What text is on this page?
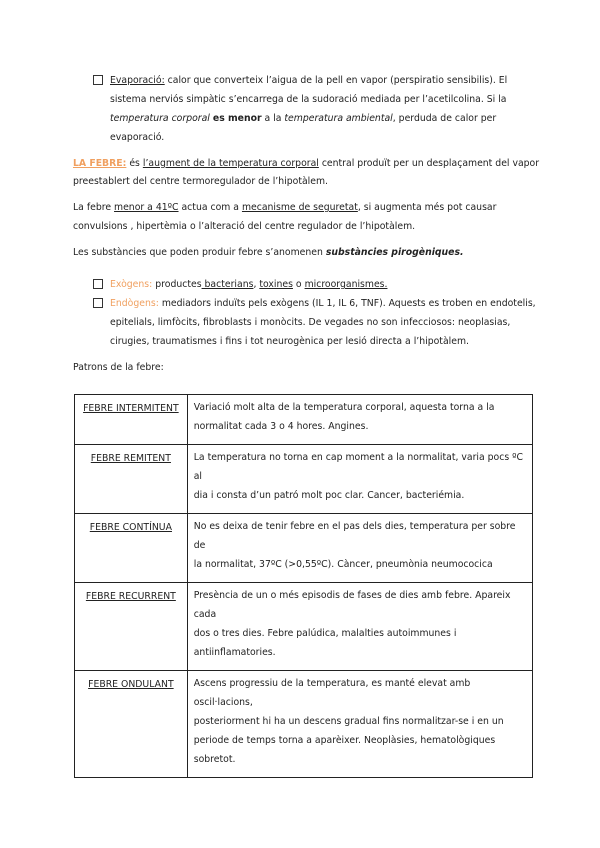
Evaporació: calor que converteix l’aigua de la pell en vapor (perspiratio sensibilis). El

sistema nerviós simpàtic s’encarrega de la sudoració mediada per l’acetilcolina. Si la

temperatura corporal es menor a la temperatura ambiental, perduda de calor per

evaporació.

LA FEBRE: és l’augment de la temperatura corporal central produït per un desplaçament del vapor

preestablert del centre termoregulador de l’hipotàlem.

La febre menor a 41ºC actua com a mecanisme de seguretat, si augmenta més pot causar

convulsions , hipertèmia o l’alteració del centre regulador de l’hipotàlem.

Les substàncies que poden produir febre s’anomenen substàncies pirogèniques.

Exògens: productes bacterians, toxines o microorganismes.

Endògens: mediadors induïts pels exògens (IL 1, IL 6, TNF). Aquests es troben en endotelis,

epitelials, limfòcits, fibroblasts i monòcits. De vegades no son infecciosos: neoplasias,

cirugies, traumatismes i fins i tot neurogènica per lesió directa a l’hipotàlem.

Patrons de la febre:

FEBRE INTERMITENT	Variació molt alta de la temperatura corporal, aquesta torna a la
normalitat cada 3 o 4 hores. Angines.

FEBRE REMITENT	La temperatura no torna en cap moment a la normalitat, varia pocs ºC al
dia i consta d’un patró molt poc clar. Cancer, bacteriémia.

FEBRE CONTÍNUA	No es deixa de tenir febre en el pas dels dies, temperatura per sobre de
la normalitat, 37ºC (>0,55ºC). Càncer, pneumònia neumococica

FEBRE RECURRENT	Presència de un o més episodis de fases de dies amb febre. Apareix cada
dos o tres dies. Febre palúdica, malalties autoimmunes i
antiinflamatories.

FEBRE ONDULANT	Ascens progressiu de la temperatura, es manté elevat amb oscil·lacions,
posteriorment hi ha un descens gradual fins normalitzar-se i en un
periode de temps torna a aparèixer. Neoplàsies, hematològiques
sobretot.
